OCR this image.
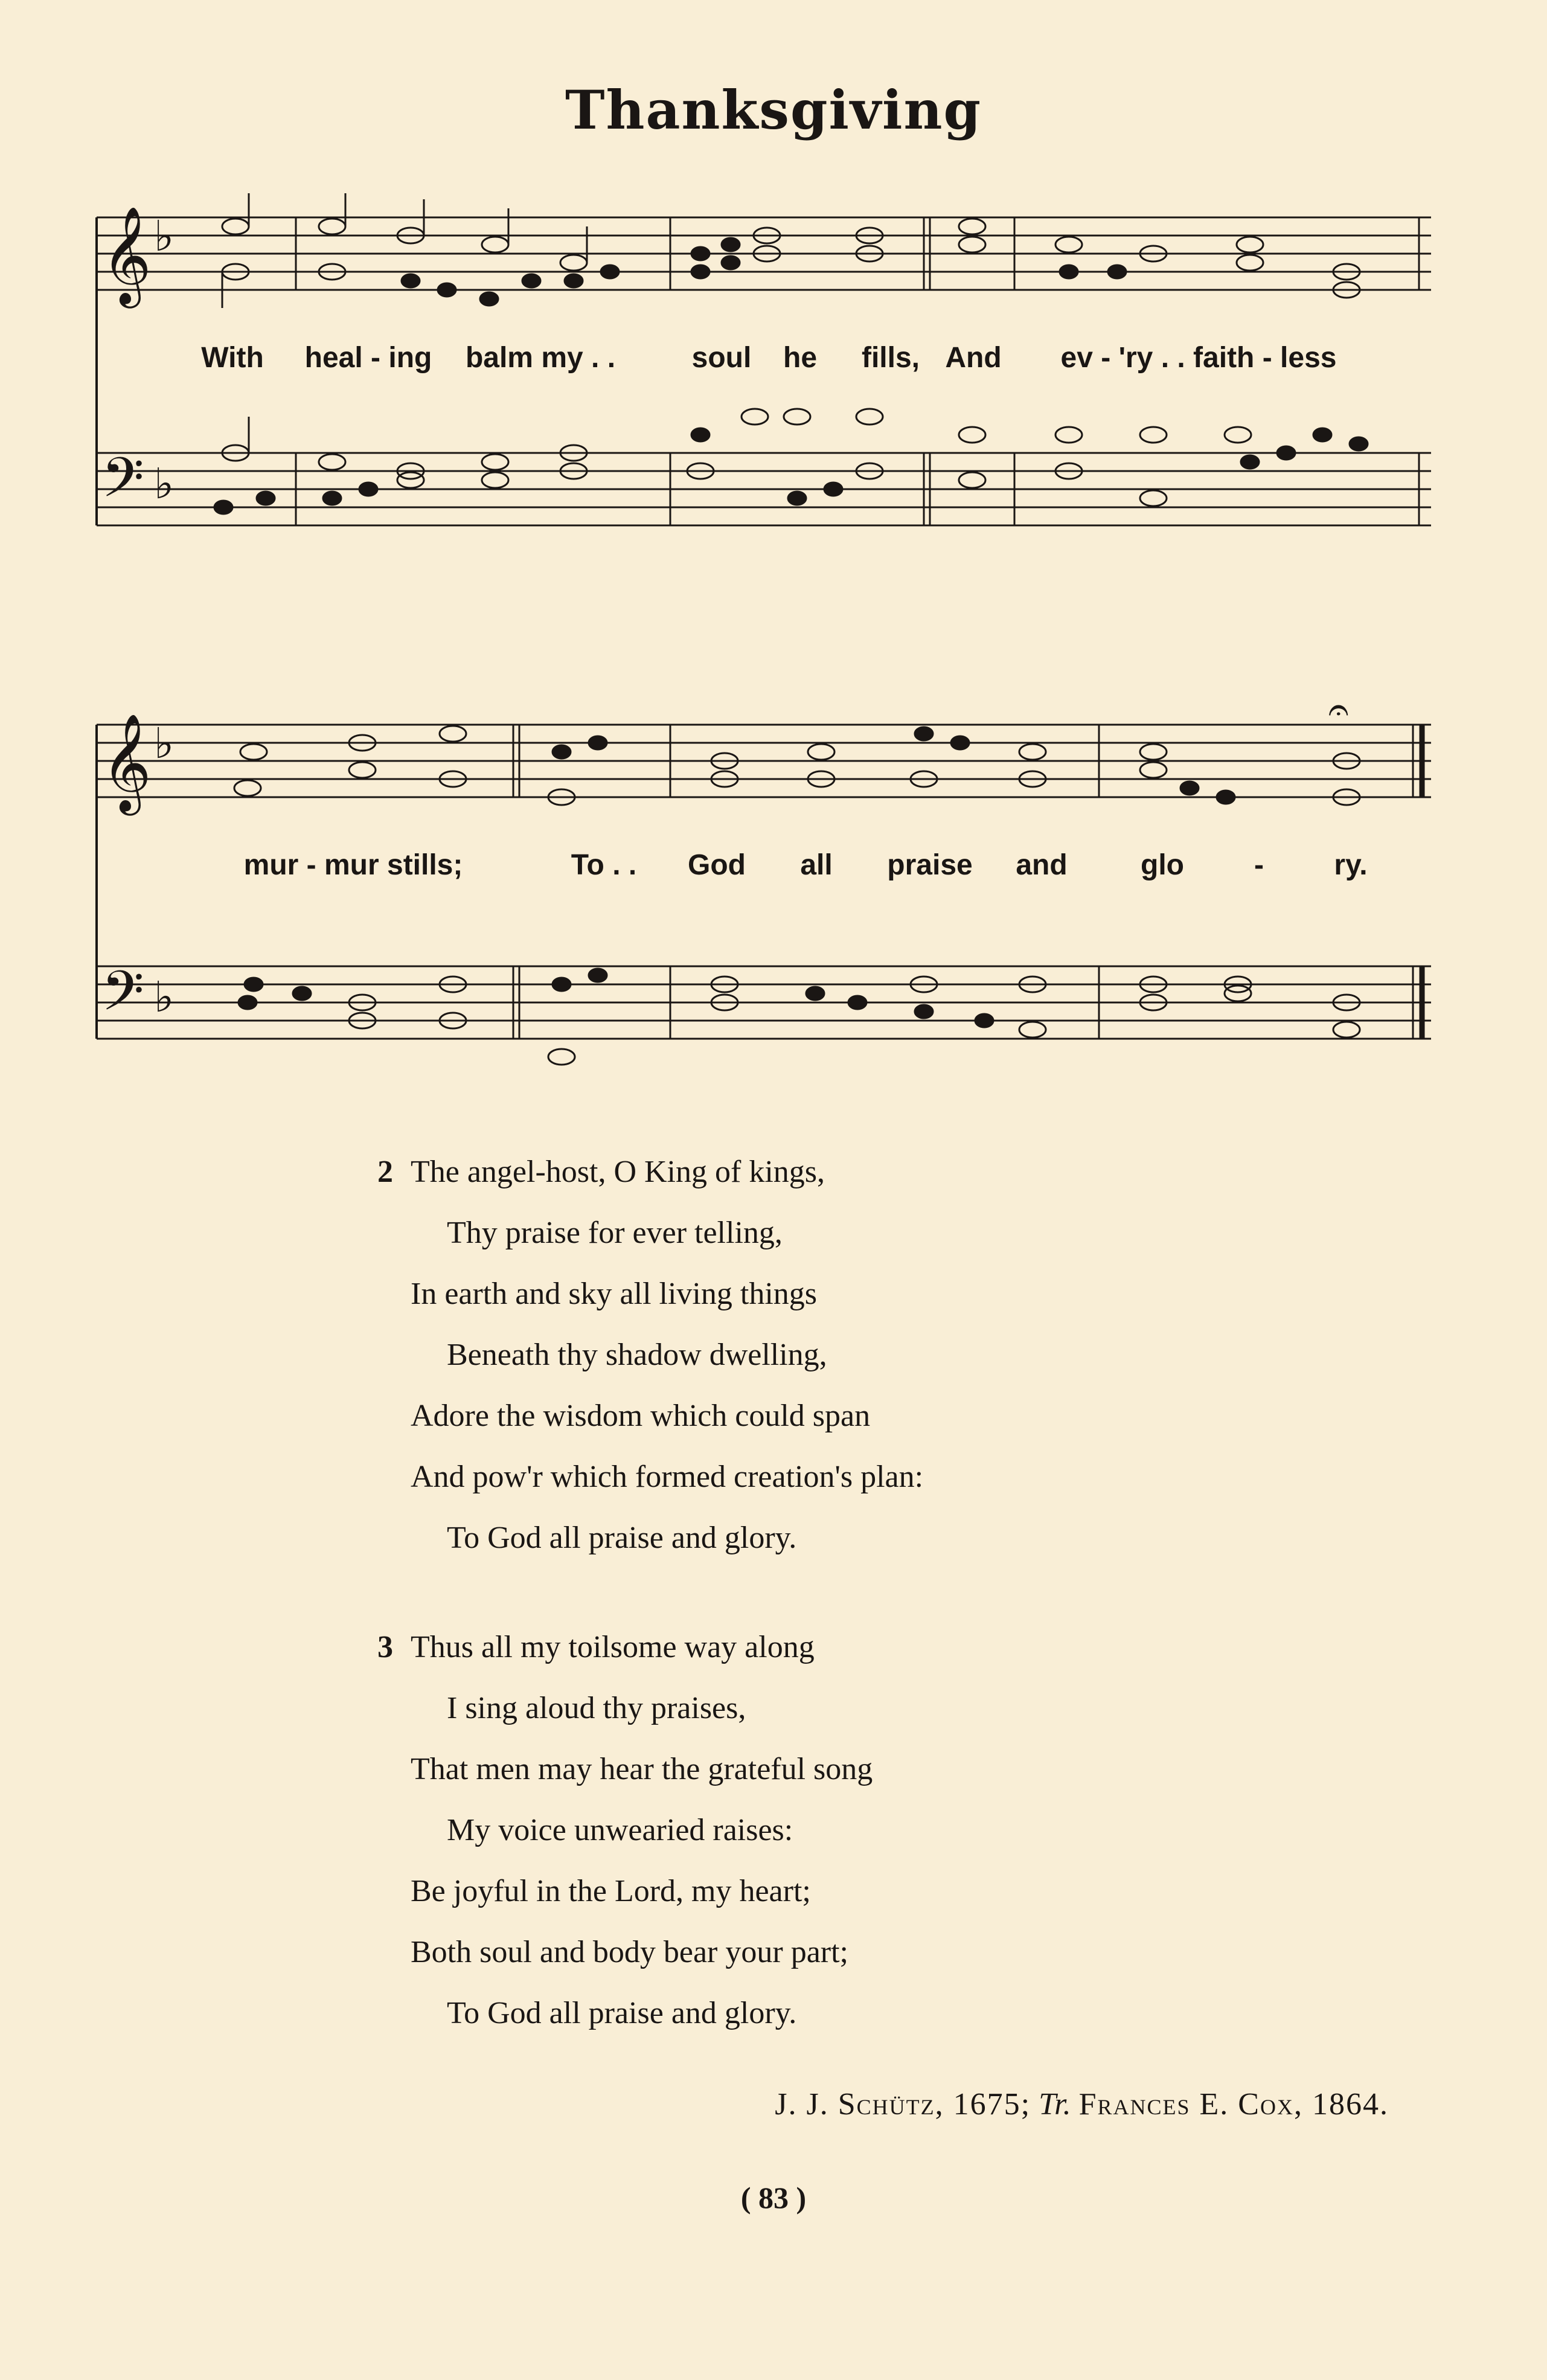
Thanksgiving
𝄞 ♭
𝄢 ♭
With heal - ing balm my . .	soul he fills, And ev - 'ry . . faith - less
𝄞 ♭
𝄢 ♭
𝄐
mur - mur stills;	To . . God all praise and	glo - ry.
2 The angel-host, O King of kings,
Thy praise for ever telling,
In earth and sky all living things
Beneath thy shadow dwelling,
Adore the wisdom which could span
And pow'r which formed creation's plan:
To God all praise and glory.
3 Thus all my toilsome way along
I sing aloud thy praises,
That men may hear the grateful song
My voice unwearied raises:
Be joyful in the Lord, my heart;
Both soul and body bear your part;
To God all praise and glory.
J. J. Schütz, 1675; Tr. Frances E. Cox, 1864.
( 83 )
